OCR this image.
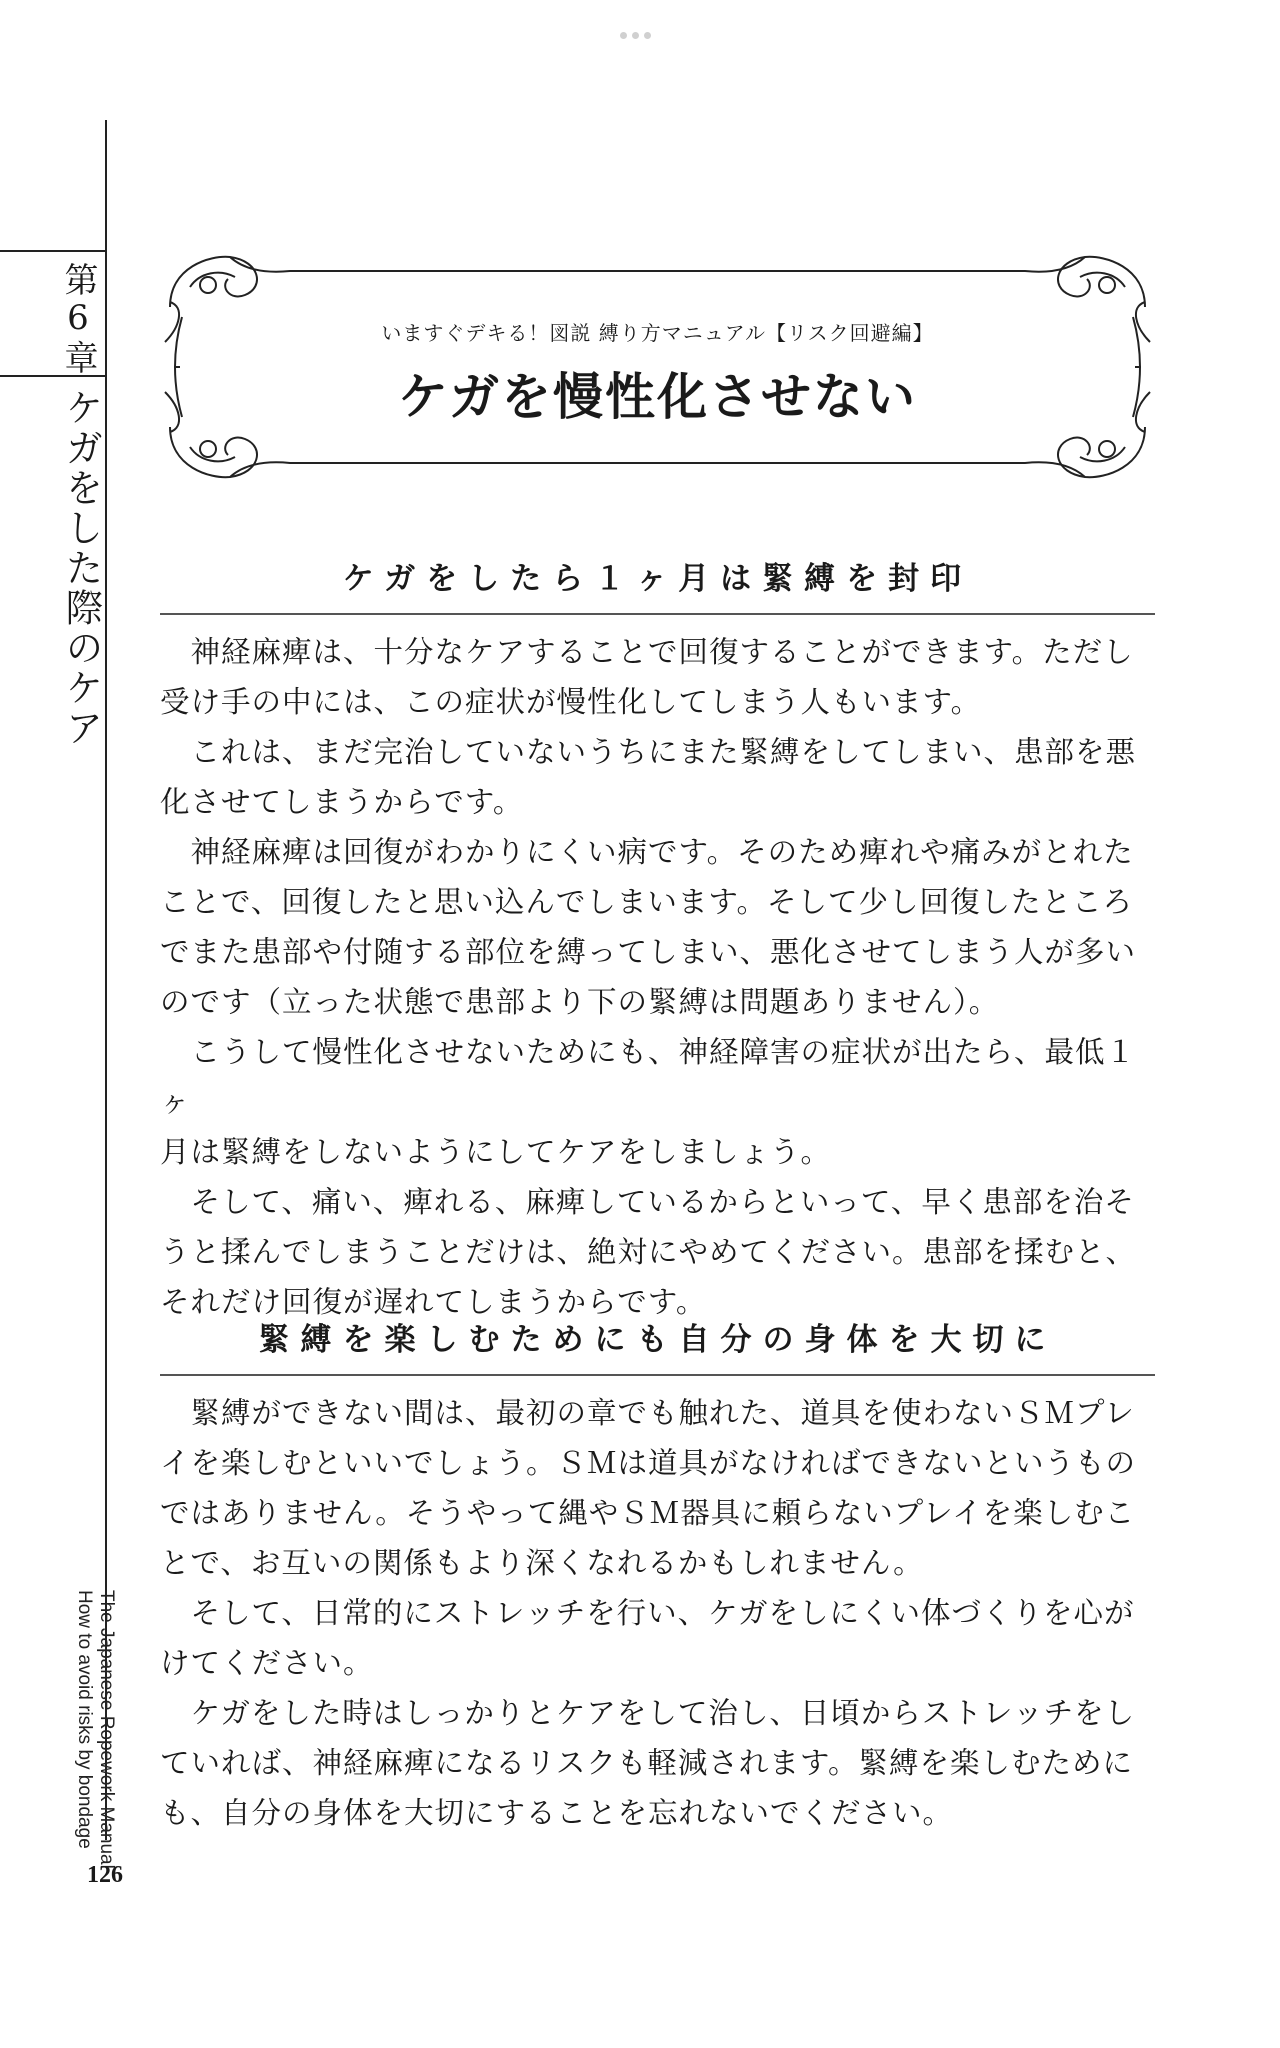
第6章
ケガをした際のケア
The Japanese Ropework Manual
How to avoid risks by bondage
126
いますぐデキる！図説 縛り方マニュアル【リスク回避編】
ケガを慢性化させない
ケガをしたら１ヶ月は緊縛を封印

　神経麻痺は、十分なケアすることで回復することができます。ただし
受け手の中には、この症状が慢性化してしまう人もいます。

　これは、まだ完治していないうちにまた緊縛をしてしまい、患部を悪
化させてしまうからです。

　神経麻痺は回復がわかりにくい病です。そのため痺れや痛みがとれた
ことで、回復したと思い込んでしまいます。そして少し回復したところ
でまた患部や付随する部位を縛ってしまい、悪化させてしまう人が多い
のです（立った状態で患部より下の緊縛は問題ありません）。

　こうして慢性化させないためにも、神経障害の症状が出たら、最低１ヶ
月は緊縛をしないようにしてケアをしましょう。

　そして、痛い、痺れる、麻痺しているからといって、早く患部を治そ
うと揉んでしまうことだけは、絶対にやめてください。患部を揉むと、
それだけ回復が遅れてしまうからです。

緊縛を楽しむためにも自分の身体を大切に

　緊縛ができない間は、最初の章でも触れた、道具を使わないＳＭプレ
イを楽しむといいでしょう。ＳＭは道具がなければできないというもの
ではありません。そうやって縄やＳＭ器具に頼らないプレイを楽しむこ
とで、お互いの関係もより深くなれるかもしれません。

　そして、日常的にストレッチを行い、ケガをしにくい体づくりを心が
けてください。

　ケガをした時はしっかりとケアをして治し、日頃からストレッチをし
ていれば、神経麻痺になるリスクも軽減されます。緊縛を楽しむために
も、自分の身体を大切にすることを忘れないでください。
